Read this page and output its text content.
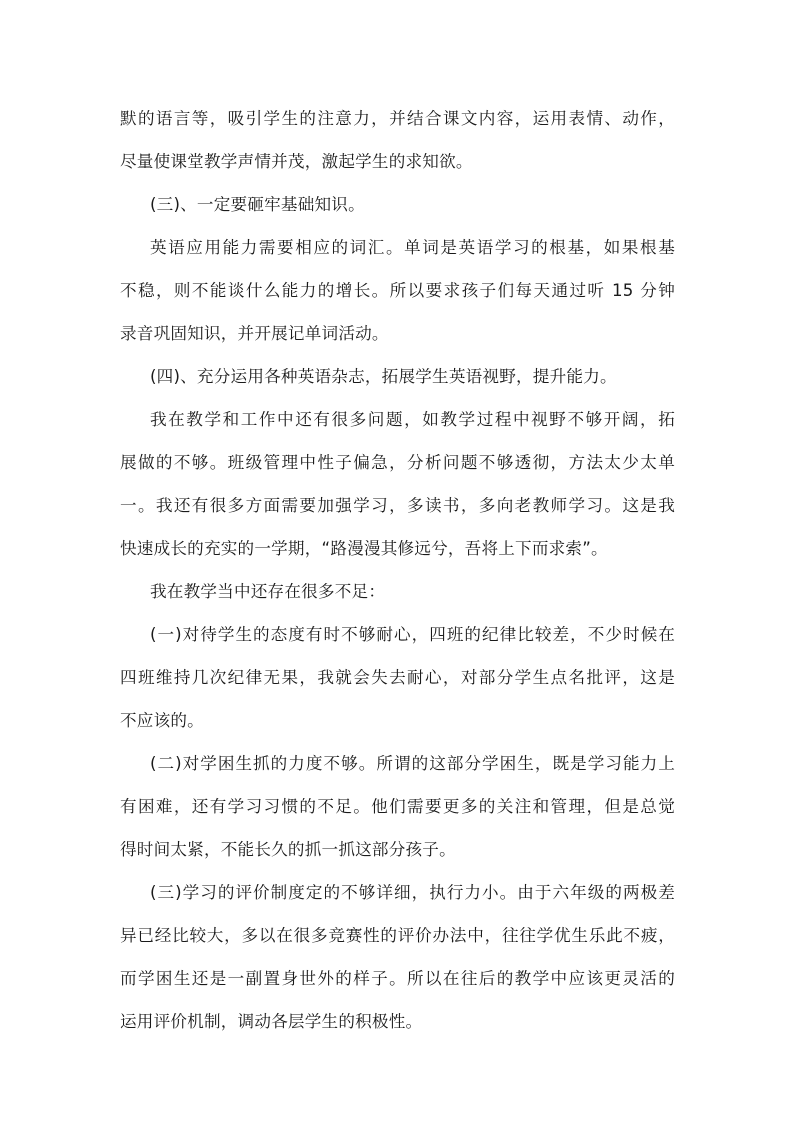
默的语言等，吸引学生的注意力，并结合课文内容，运用表情、动作，
尽量使课堂教学声情并茂，激起学生的求知欲。
(三)、一定要砸牢基础知识。
英语应用能力需要相应的词汇。单词是英语学习的根基，如果根基
不稳，则不能谈什么能力的增长。所以要求孩子们每天通过听 15 分钟
录音巩固知识，并开展记单词活动。
(四)、充分运用各种英语杂志，拓展学生英语视野，提升能力。
我在教学和工作中还有很多问题，如教学过程中视野不够开阔，拓
展做的不够。班级管理中性子偏急，分析问题不够透彻，方法太少太单
一。我还有很多方面需要加强学习，多读书，多向老教师学习。这是我
快速成长的充实的一学期，“路漫漫其修远兮，吾将上下而求索”。
我在教学当中还存在很多不足：
(一)对待学生的态度有时不够耐心，四班的纪律比较差，不少时候在
四班维持几次纪律无果，我就会失去耐心，对部分学生点名批评，这是
不应该的。
(二)对学困生抓的力度不够。所谓的这部分学困生，既是学习能力上
有困难，还有学习习惯的不足。他们需要更多的关注和管理，但是总觉
得时间太紧，不能长久的抓一抓这部分孩子。
(三)学习的评价制度定的不够详细，执行力小。由于六年级的两极差
异已经比较大，多以在很多竞赛性的评价办法中，往往学优生乐此不疲，
而学困生还是一副置身世外的样子。所以在往后的教学中应该更灵活的
运用评价机制，调动各层学生的积极性。
